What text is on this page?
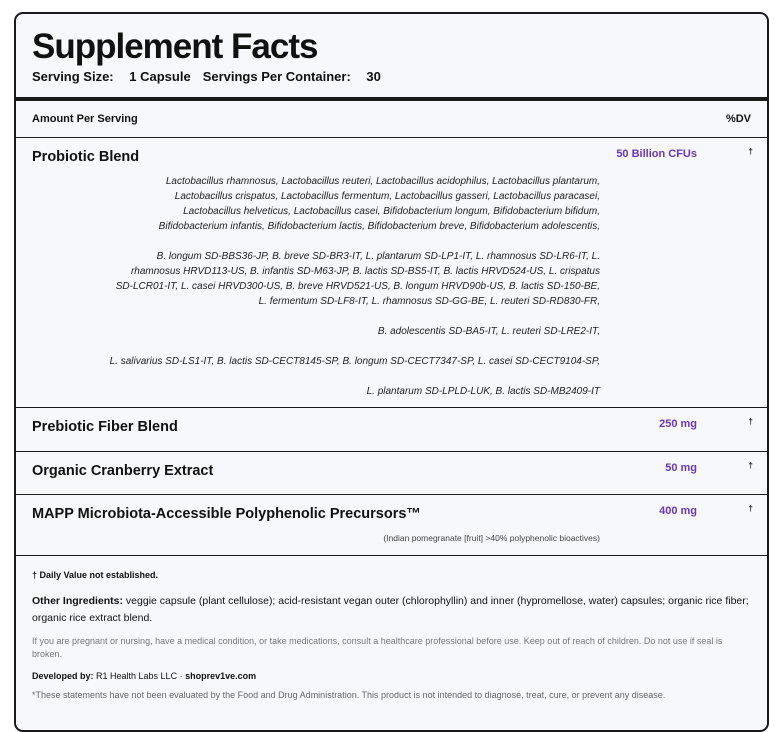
Supplement Facts
Serving Size: 1 Capsule Servings Per Container: 30
Amount Per Serving	%DV
Probiotic Blend	50 Billion CFUs	†

Lactobacillus rhamnosus, Lactobacillus reuteri, Lactobacillus acidophilus, Lactobacillus plantarum,
Lactobacillus crispatus, Lactobacillus fermentum, Lactobacillus gasseri, Lactobacillus paracasei,
Lactobacillus helveticus, Lactobacillus casei, Bifidobacterium longum, Bifidobacterium bifidum,
Bifidobacterium infantis, Bifidobacterium lactis, Bifidobacterium breve, Bifidobacterium adolescentis,

B. longum SD-BBS36-JP, B. breve SD-BR3-IT, L. plantarum SD-LP1-IT, L. rhamnosus SD-LR6-IT, L.
rhamnosus HRVD113-US, B. infantis SD-M63-JP, B. lactis SD-BS5-IT, B. lactis HRVD524-US, L. crispatus
SD-LCR01-IT, L. casei HRVD300-US, B. breve HRVD521-US, B. longum HRVD90b-US, B. lactis SD-150-BE,
L. fermentum SD-LF8-IT, L. rhamnosus SD-GG-BE, L. reuteri SD-RD830-FR,

B. adolescentis SD-BA5-IT, L. reuteri SD-LRE2-IT,

L. salivarius SD-LS1-IT, B. lactis SD-CECT8145-SP, B. longum SD-CECT7347-SP, L. casei SD-CECT9104-SP,

L. plantarum SD-LPLD-LUK, B. lactis SD-MB2409-IT

Prebiotic Fiber Blend	250 mg	†
Organic Cranberry Extract	50 mg	†
MAPP Microbiota-Accessible Polyphenolic Precursors™	400 mg	†
(Indian pomegranate [fruit] >40% polyphenolic bioactives)
† Daily Value not established.
Other Ingredients: veggie capsule (plant cellulose); acid-resistant vegan outer (chlorophyllin) and inner (hypromellose, water) capsules; organic rice fiber; organic rice extract blend.
If you are pregnant or nursing, have a medical condition, or take medications, consult a healthcare professional before use. Keep out of reach of children. Do not use if seal is broken.
Developed by: R1 Health Labs LLC · shoprev1ve.com
*These statements have not been evaluated by the Food and Drug Administration. This product is not intended to diagnose, treat, cure, or prevent any disease.
